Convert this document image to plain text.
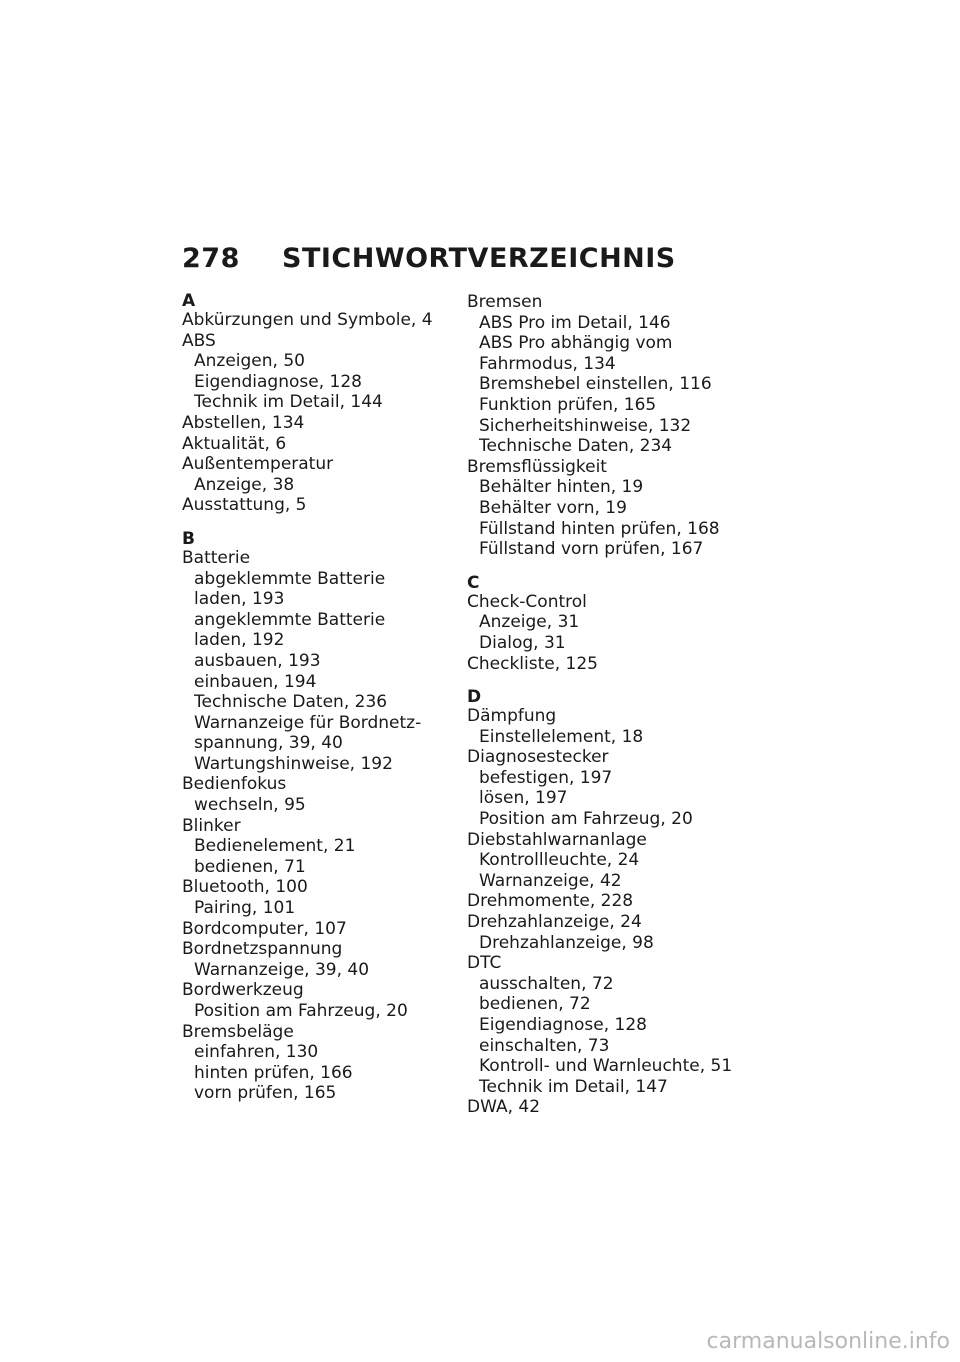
278 STICHWORTVERZEICHNIS
A
Abkürzungen und Symbole, 4
ABS
Anzeigen, 50
Eigendiagnose, 128
Technik im Detail, 144
Abstellen, 134
Aktualität, 6
Außentemperatur
Anzeige, 38
Ausstattung, 5
B
Batterie
abgeklemmte Batterie
laden, 193
angeklemmte Batterie
laden, 192
ausbauen, 193
einbauen, 194
Technische Daten, 236
Warnanzeige für Bordnetz-
spannung, 39, 40
Wartungshinweise, 192
Bedienfokus
wechseln, 95
Blinker
Bedienelement, 21
bedienen, 71
Bluetooth, 100
Pairing, 101
Bordcomputer, 107
Bordnetzspannung
Warnanzeige, 39, 40
Bordwerkzeug
Position am Fahrzeug, 20
Bremsbeläge
einfahren, 130
hinten prüfen, 166
vorn prüfen, 165
Bremsen
ABS Pro im Detail, 146
ABS Pro abhängig vom
Fahrmodus, 134
Bremshebel einstellen, 116
Funktion prüfen, 165
Sicherheitshinweise, 132
Technische Daten, 234
Bremsflüssigkeit
Behälter hinten, 19
Behälter vorn, 19
Füllstand hinten prüfen, 168
Füllstand vorn prüfen, 167
C
Check-Control
Anzeige, 31
Dialog, 31
Checkliste, 125
D
Dämpfung
Einstellelement, 18
Diagnosestecker
befestigen, 197
lösen, 197
Position am Fahrzeug, 20
Diebstahlwarnanlage
Kontrollleuchte, 24
Warnanzeige, 42
Drehmomente, 228
Drehzahlanzeige, 24
Drehzahlanzeige, 98
DTC
ausschalten, 72
bedienen, 72
Eigendiagnose, 128
einschalten, 73
Kontroll- und Warnleuchte, 51
Technik im Detail, 147
DWA, 42
carmanualsonline.info
